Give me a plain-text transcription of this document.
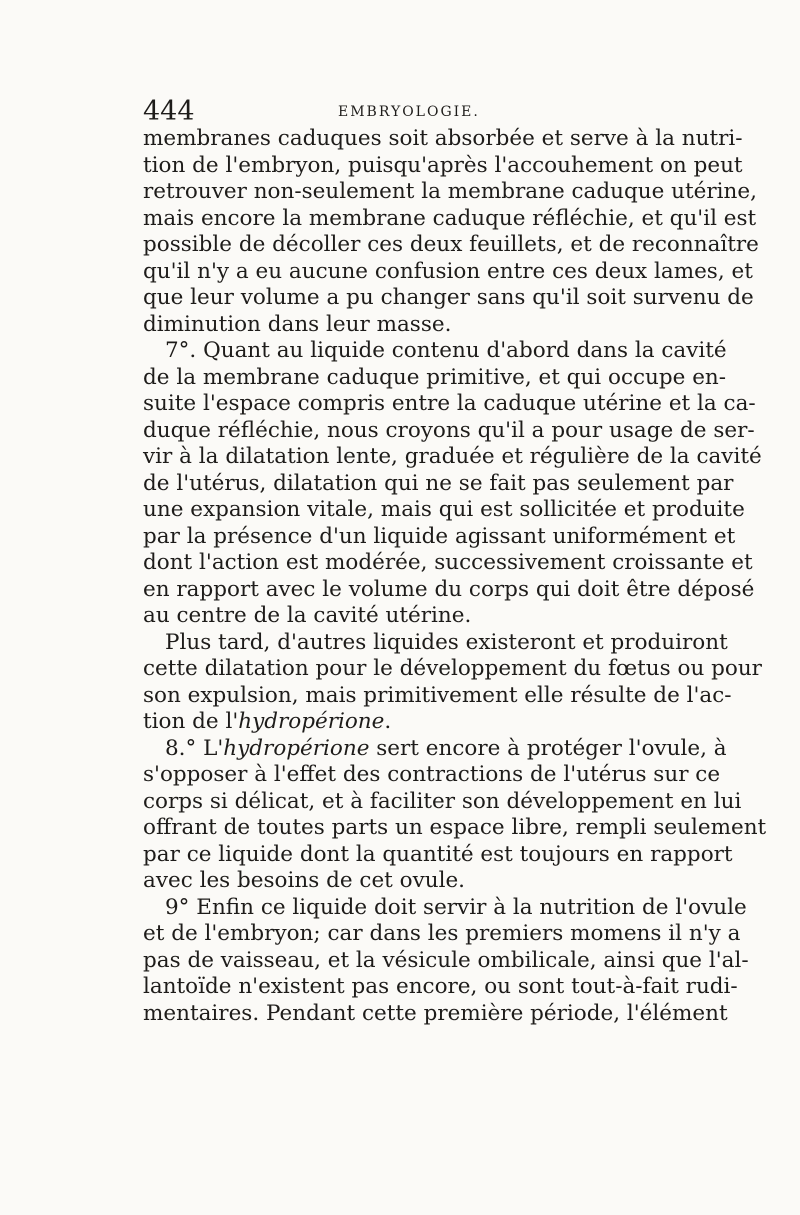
444	EMBRYOLOGIE.
membranes caduques soit absorbée et serve à la nutri-
tion de l'embryon, puisqu'après l'accouhement on peut
retrouver non-seulement la membrane caduque utérine,
mais encore la membrane caduque réfléchie, et qu'il est
possible de décoller ces deux feuillets, et de reconnaître
qu'il n'y a eu aucune confusion entre ces deux lames, et
que leur volume a pu changer sans qu'il soit survenu de
diminution dans leur masse.
7°. Quant au liquide contenu d'abord dans la cavité
de la membrane caduque primitive, et qui occupe en-
suite l'espace compris entre la caduque utérine et la ca-
duque réfléchie, nous croyons qu'il a pour usage de ser-
vir à la dilatation lente, graduée et régulière de la cavité
de l'utérus, dilatation qui ne se fait pas seulement par
une expansion vitale, mais qui est sollicitée et produite
par la présence d'un liquide agissant uniformément et
dont l'action est modérée, successivement croissante et
en rapport avec le volume du corps qui doit être déposé
au centre de la cavité utérine.
Plus tard, d'autres liquides existeront et produiront
cette dilatation pour le développement du fœtus ou pour
son expulsion, mais primitivement elle résulte de l'ac-
tion de l'hydropérione.
8.° L'hydropérione sert encore à protéger l'ovule, à
s'opposer à l'effet des contractions de l'utérus sur ce
corps si délicat, et à faciliter son développement en lui
offrant de toutes parts un espace libre, rempli seulement
par ce liquide dont la quantité est toujours en rapport
avec les besoins de cet ovule.
9° Enfin ce liquide doit servir à la nutrition de l'ovule
et de l'embryon; car dans les premiers momens il n'y a
pas de vaisseau, et la vésicule ombilicale, ainsi que l'al-
lantoïde n'existent pas encore, ou sont tout-à-fait rudi-
mentaires. Pendant cette première période, l'élément
